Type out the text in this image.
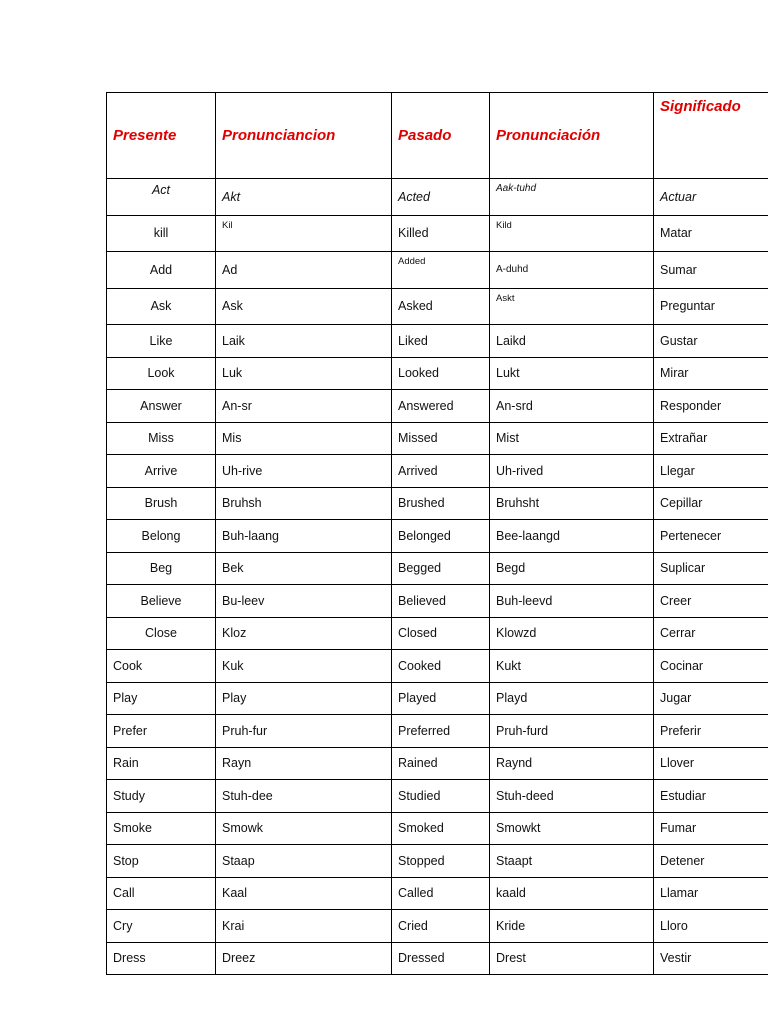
Presente	Pronunciancion	Pasado	Pronunciación	Significado
Act	Akt	Acted	Aak-tuhd	Actuar
kill	Kil	Killed	Kild	Matar
Add	Ad	Added	A-duhd	Sumar
Ask	Ask	Asked	Askt	Preguntar
Like	Laik	Liked	Laikd	Gustar
Look	Luk	Looked	Lukt	Mirar
Answer	An-sr	Answered	An-srd	Responder
Miss	Mis	Missed	Mist	Extrañar
Arrive	Uh-rive	Arrived	Uh-rived	Llegar
Brush	Bruhsh	Brushed	Bruhsht	Cepillar
Belong	Buh-laang	Belonged	Bee-laangd	Pertenecer
Beg	Bek	Begged	Begd	Suplicar
Believe	Bu-leev	Believed	Buh-leevd	Creer
Close	Kloz	Closed	Klowzd	Cerrar
Cook	Kuk	Cooked	Kukt	Cocinar
Play	Play	Played	Playd	Jugar
Prefer	Pruh-fur	Preferred	Pruh-furd	Preferir
Rain	Rayn	Rained	Raynd	Llover
Study	Stuh-dee	Studied	Stuh-deed	Estudiar
Smoke	Smowk	Smoked	Smowkt	Fumar
Stop	Staap	Stopped	Staapt	Detener
Call	Kaal	Called	kaald	Llamar
Cry	Krai	Cried	Kride	Lloro
Dress	Dreez	Dressed	Drest	Vestir
